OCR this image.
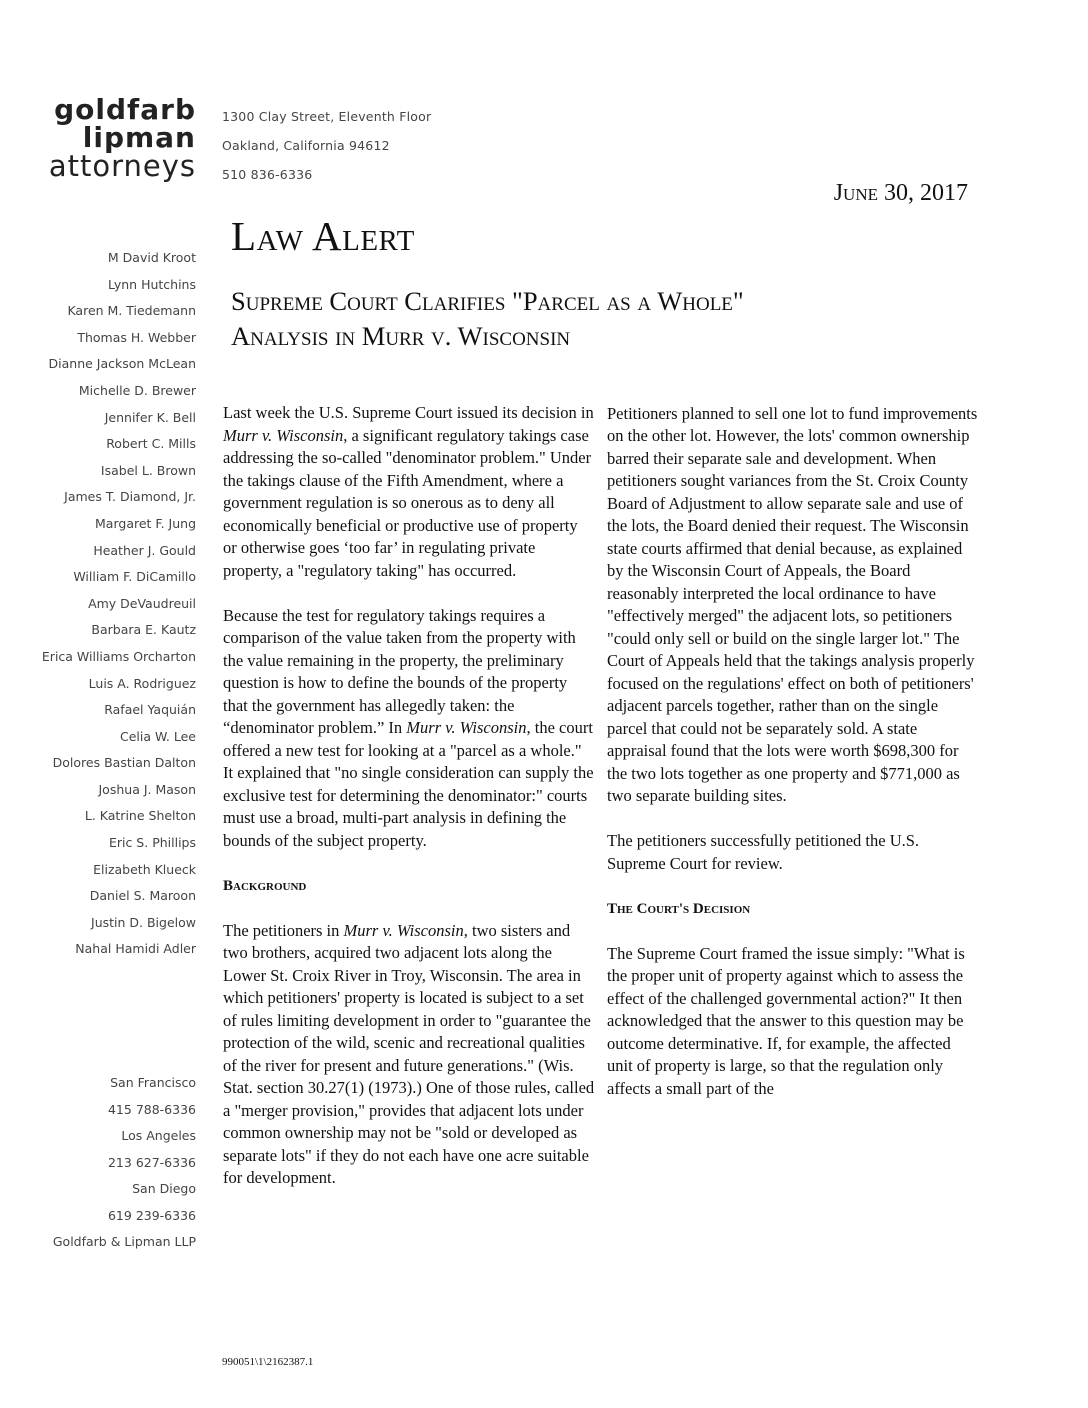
goldfarb
lipman
attorneys
1300 Clay Street, Eleventh Floor
Oakland, California 94612
510 836-6336
June 30, 2017
Law Alert
Supreme Court Clarifies "Parcel as a Whole"
Analysis in Murr v. Wisconsin
M David Kroot
Lynn Hutchins
Karen M. Tiedemann
Thomas H. Webber
Dianne Jackson McLean
Michelle D. Brewer
Jennifer K. Bell
Robert C. Mills
Isabel L. Brown
James T. Diamond, Jr.
Margaret F. Jung
Heather J. Gould
William F. DiCamillo
Amy DeVaudreuil
Barbara E. Kautz
Erica Williams Orcharton
Luis A. Rodriguez
Rafael Yaquián
Celia W. Lee
Dolores Bastian Dalton
Joshua J. Mason
L. Katrine Shelton
Eric S. Phillips
Elizabeth Klueck
Daniel S. Maroon
Justin D. Bigelow
Nahal Hamidi Adler
San Francisco
415 788-6336
Los Angeles
213 627-6336
San Diego
619 239-6336
Goldfarb & Lipman LLP

Last week the U.S. Supreme Court issued its decision in Murr v. Wisconsin, a significant regulatory takings case addressing the so-called "denominator problem." Under the takings clause of the Fifth Amendment, where a government regulation is so onerous as to deny all economically beneficial or productive use of property or otherwise goes ‘too far’ in regulating private property, a "regulatory taking" has occurred.

Because the test for regulatory takings requires a comparison of the value taken from the property with the value remaining in the property, the preliminary question is how to define the bounds of the property that the government has allegedly taken: the “denominator problem.” In Murr v. Wisconsin, the court offered a new test for looking at a "parcel as a whole." It explained that "no single consideration can supply the exclusive test for determining the denominator:" courts must use a broad, multi-part analysis in defining the bounds of the subject property.

Background

The petitioners in Murr v. Wisconsin, two sisters and two brothers, acquired two adjacent lots along the Lower St. Croix River in Troy, Wisconsin. The area in which petitioners' property is located is subject to a set of rules limiting development in order to "guarantee the protection of the wild, scenic and recreational qualities of the river for present and future generations." (Wis. Stat. section 30.27(1) (1973).) One of those rules, called a "merger provision," provides that adjacent lots under common ownership may not be "sold or developed as separate lots" if they do not each have one acre suitable for development.

Petitioners planned to sell one lot to fund improvements on the other lot. However, the lots' common ownership barred their separate sale and development. When petitioners sought variances from the St. Croix County Board of Adjustment to allow separate sale and use of the lots, the Board denied their request. The Wisconsin state courts affirmed that denial because, as explained by the Wisconsin Court of Appeals, the Board reasonably interpreted the local ordinance to have "effectively merged" the adjacent lots, so petitioners "could only sell or build on the single larger lot." The Court of Appeals held that the takings analysis properly focused on the regulations' effect on both of petitioners' adjacent parcels together, rather than on the single parcel that could not be separately sold. A state appraisal found that the lots were worth $698,300 for the two lots together as one property and $771,000 as two separate building sites.

The petitioners successfully petitioned the U.S. Supreme Court for review.

The Court's Decision

The Supreme Court framed the issue simply: "What is the proper unit of property against which to assess the effect of the challenged governmental action?" It then acknowledged that the answer to this question may be outcome determinative. If, for example, the affected unit of property is large, so that the regulation only affects a small part of the

990051\1\2162387.1
